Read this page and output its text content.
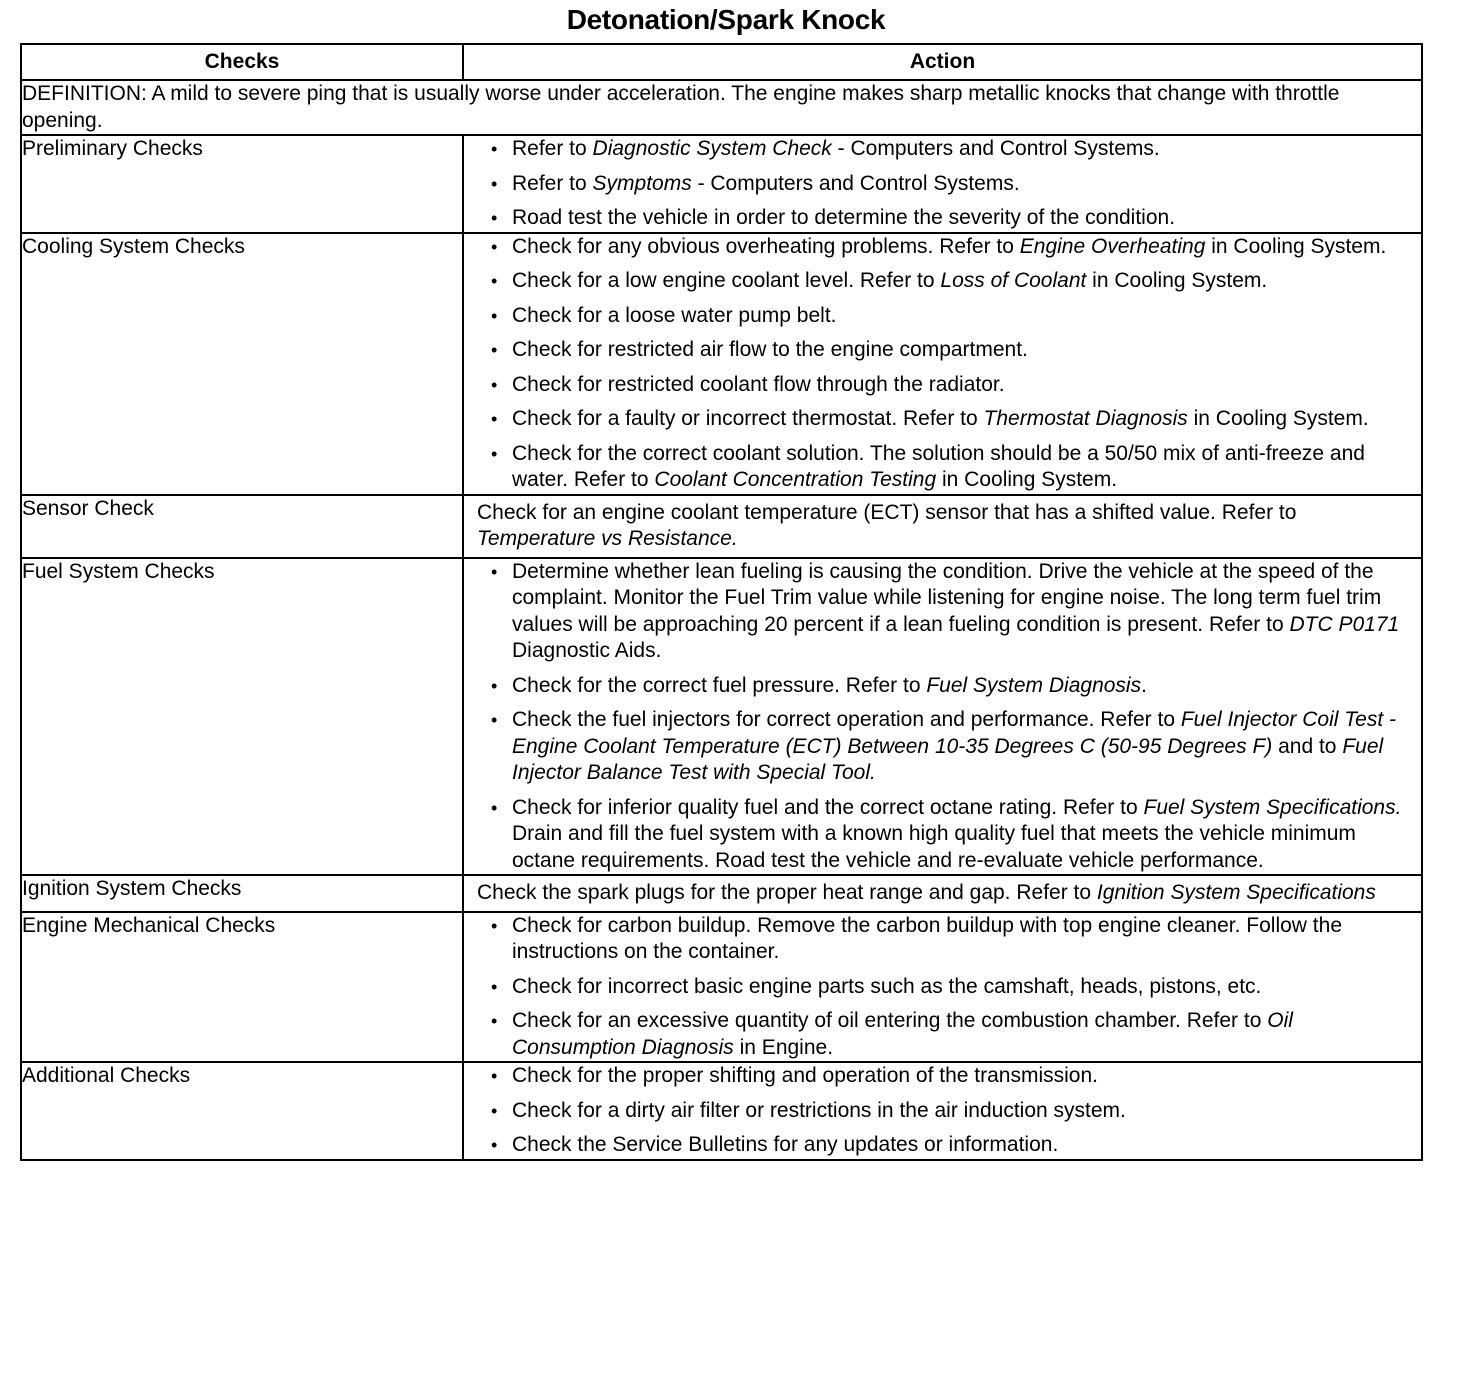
Detonation/Spark Knock
Checks	Action
DEFINITION: A mild to severe ping that is usually worse under acceleration. The engine makes sharp metallic knocks that change with throttle opening.	
Preliminary Checks	• Refer to Diagnostic System Check - Computers and Control Systems.
• Refer to Symptoms - Computers and Control Systems.
• Road test the vehicle in order to determine the severity of the condition.

Cooling System Checks	• Check for any obvious overheating problems. Refer to Engine Overheating in Cooling System.
• Check for a low engine coolant level. Refer to Loss of Coolant in Cooling System.
• Check for a loose water pump belt.
• Check for restricted air flow to the engine compartment.
• Check for restricted coolant flow through the radiator.
• Check for a faulty or incorrect thermostat. Refer to Thermostat Diagnosis in Cooling System.
• Check for the correct coolant solution. The solution should be a 50/50 mix of anti-freeze and water. Refer to Coolant Concentration Testing in Cooling System.

Sensor Check	Check for an engine coolant temperature (ECT) sensor that has a shifted value. Refer to Temperature vs Resistance.

Fuel System Checks	• Determine whether lean fueling is causing the condition. Drive the vehicle at the speed of the complaint. Monitor the Fuel Trim value while listening for engine noise. The long term fuel trim values will be approaching 20 percent if a lean fueling condition is present. Refer to DTC P0171 Diagnostic Aids.
• Check for the correct fuel pressure. Refer to Fuel System Diagnosis.
• Check the fuel injectors for correct operation and performance. Refer to Fuel Injector Coil Test - Engine Coolant Temperature (ECT) Between 10-35 Degrees C (50-95 Degrees F) and to Fuel Injector Balance Test with Special Tool.
• Check for inferior quality fuel and the correct octane rating. Refer to Fuel System Specifications. Drain and fill the fuel system with a known high quality fuel that meets the vehicle minimum octane requirements. Road test the vehicle and re-evaluate vehicle performance.

Ignition System Checks	Check the spark plugs for the proper heat range and gap. Refer to Ignition System Specifications

Engine Mechanical Checks	• Check for carbon buildup. Remove the carbon buildup with top engine cleaner. Follow the instructions on the container.
• Check for incorrect basic engine parts such as the camshaft, heads, pistons, etc.
• Check for an excessive quantity of oil entering the combustion chamber. Refer to Oil Consumption Diagnosis in Engine.

Additional Checks	• Check for the proper shifting and operation of the transmission.
• Check for a dirty air filter or restrictions in the air induction system.
• Check the Service Bulletins for any updates or information.
